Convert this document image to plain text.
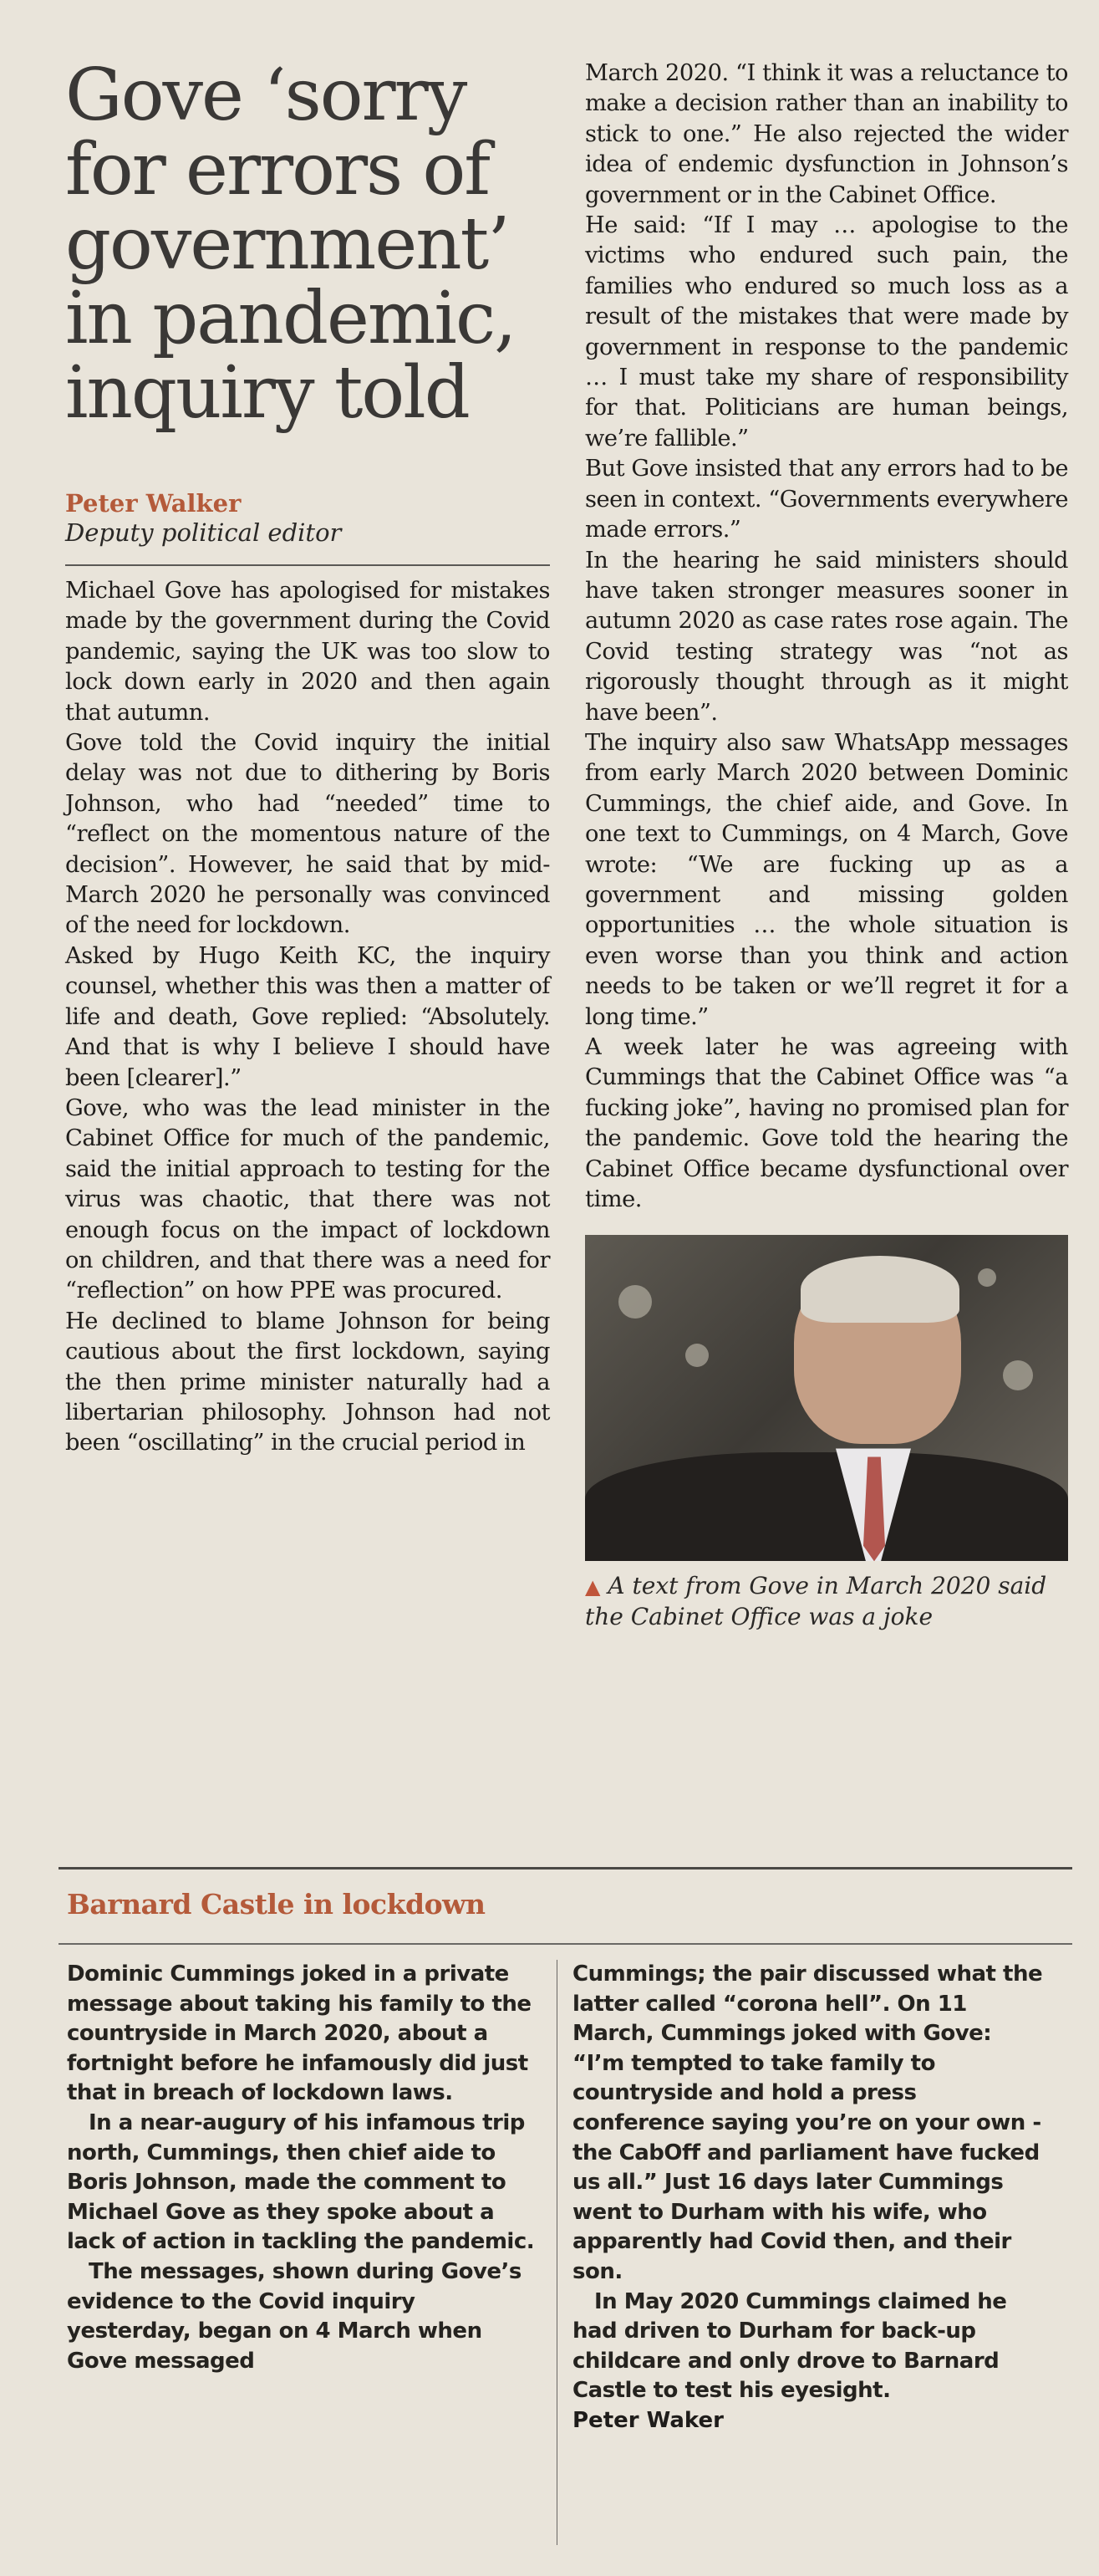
Gove ‘sorry for errors of government’ in pandemic, inquiry told
Peter Walker
Deputy political editor

Michael Gove has apologised for mistakes made by the government during the Covid pandemic, saying the UK was too slow to lock down early in 2020 and then again that autumn.

Gove told the Covid inquiry the initial delay was not due to dithering by Boris Johnson, who had “needed” time to “reflect on the momentous nature of the decision”. However, he said that by mid-March 2020 he personally was convinced of the need for lockdown.

Asked by Hugo Keith KC, the inquiry counsel, whether this was then a matter of life and death, Gove replied: “Absolutely. And that is why I believe I should have been [clearer].”

Gove, who was the lead minister in the Cabinet Office for much of the pandemic, said the initial approach to testing for the virus was chaotic, that there was not enough focus on the impact of lockdown on children, and that there was a need for “reflection” on how PPE was procured.

He declined to blame Johnson for being cautious about the first lockdown, saying the then prime minister naturally had a libertarian philosophy. Johnson had not been “oscillating” in the crucial period in

March 2020. “I think it was a reluctance to make a decision rather than an inability to stick to one.” He also rejected the wider idea of endemic dysfunction in Johnson’s government or in the Cabinet Office.

He said: “If I may … apologise to the victims who endured such pain, the families who endured so much loss as a result of the mistakes that were made by government in response to the pandemic … I must take my share of responsibility for that. Politicians are human beings, we’re fallible.”

But Gove insisted that any errors had to be seen in context. “Governments everywhere made errors.”

In the hearing he said ministers should have taken stronger measures sooner in autumn 2020 as case rates rose again. The Covid testing strategy was “not as rigorously thought through as it might have been”.

The inquiry also saw WhatsApp messages from early March 2020 between Dominic Cummings, the chief aide, and Gove. In one text to Cummings, on 4 March, Gove wrote: “We are fucking up as a government and missing golden opportunities … the whole situation is even worse than you think and action needs to be taken or we’ll regret it for a long time.”

A week later he was agreeing with Cummings that the Cabinet Office was “a fucking joke”, having no promised plan for the pandemic. Gove told the hearing the Cabinet Office became dysfunctional over time.

▲ A text from Gove in March 2020 said the Cabinet Office was a joke
Barnard Castle in lockdown

Dominic Cummings joked in a private message about taking his family to the countryside in March 2020, about a fortnight before he infamously did just that in breach of lockdown laws.

In a near-augury of his infamous trip north, Cummings, then chief aide to Boris Johnson, made the comment to Michael Gove as they spoke about a lack of action in tackling the pandemic.

The messages, shown during Gove’s evidence to the Covid inquiry yesterday, began on 4 March when Gove messaged

Cummings; the pair discussed what the latter called “corona hell”. On 11 March, Cummings joked with Gove: “I’m tempted to take family to countryside and hold a press conference saying you’re on your own - the CabOff and parliament have fucked us all.” Just 16 days later Cummings went to Durham with his wife, who apparently had Covid then, and their son.

In May 2020 Cummings claimed he had driven to Durham for back-up childcare and only drove to Barnard Castle to test his eyesight.

Peter Waker
